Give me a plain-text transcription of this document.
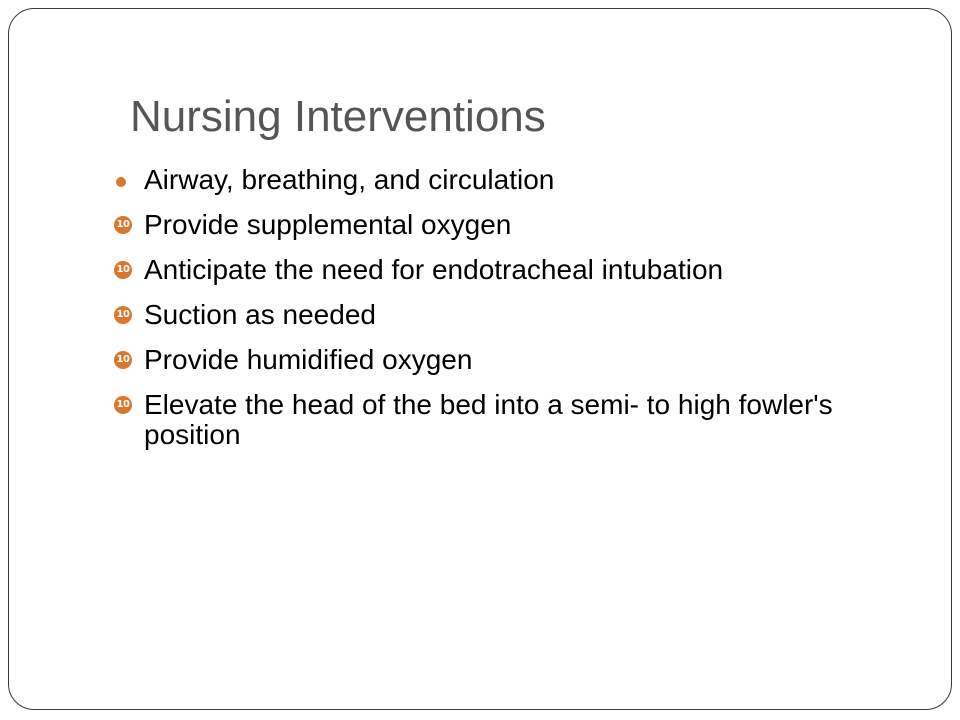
Nursing Interventions
Airway, breathing, and circulation
10 Provide supplemental oxygen
10 Anticipate the need for endotracheal intubation
10 Suction as needed
10 Provide humidified oxygen
10 Elevate the head of the bed into a semi- to high fowler's position
